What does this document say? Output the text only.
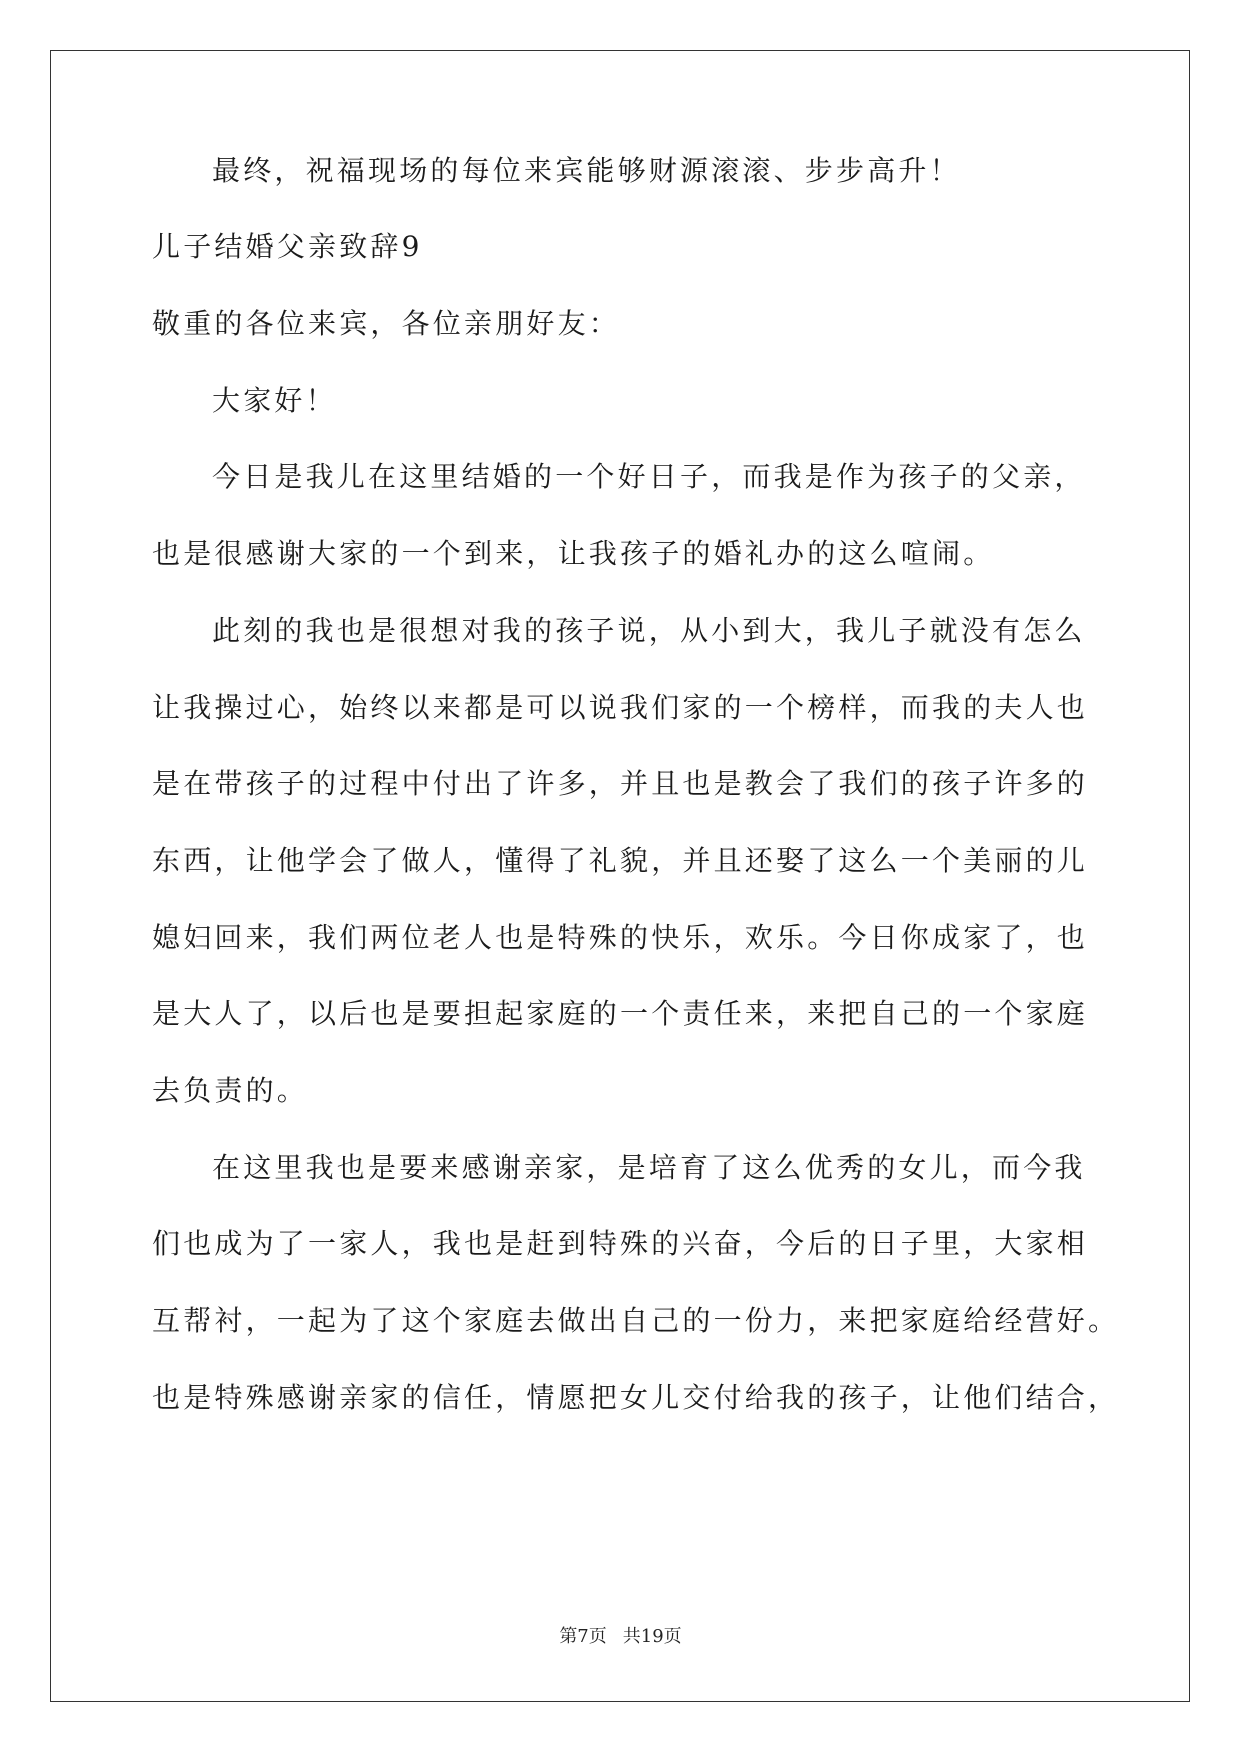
最终，祝福现场的每位来宾能够财源滚滚、步步高升！
儿子结婚父亲致辞9
敬重的各位来宾，各位亲朋好友：
大家好！
今日是我儿在这里结婚的一个好日子，而我是作为孩子的父亲，
也是很感谢大家的一个到来，让我孩子的婚礼办的这么喧闹。
此刻的我也是很想对我的孩子说，从小到大，我儿子就没有怎么
让我操过心，始终以来都是可以说我们家的一个榜样，而我的夫人也
是在带孩子的过程中付出了许多，并且也是教会了我们的孩子许多的
东西，让他学会了做人，懂得了礼貌，并且还娶了这么一个美丽的儿
媳妇回来，我们两位老人也是特殊的快乐，欢乐。今日你成家了，也
是大人了，以后也是要担起家庭的一个责任来，来把自己的一个家庭
去负责的。
在这里我也是要来感谢亲家，是培育了这么优秀的女儿，而今我
们也成为了一家人，我也是赶到特殊的兴奋，今后的日子里，大家相
互帮衬，一起为了这个家庭去做出自己的一份力，来把家庭给经营好。
也是特殊感谢亲家的信任，情愿把女儿交付给我的孩子，让他们结合，
第7页 共19页
